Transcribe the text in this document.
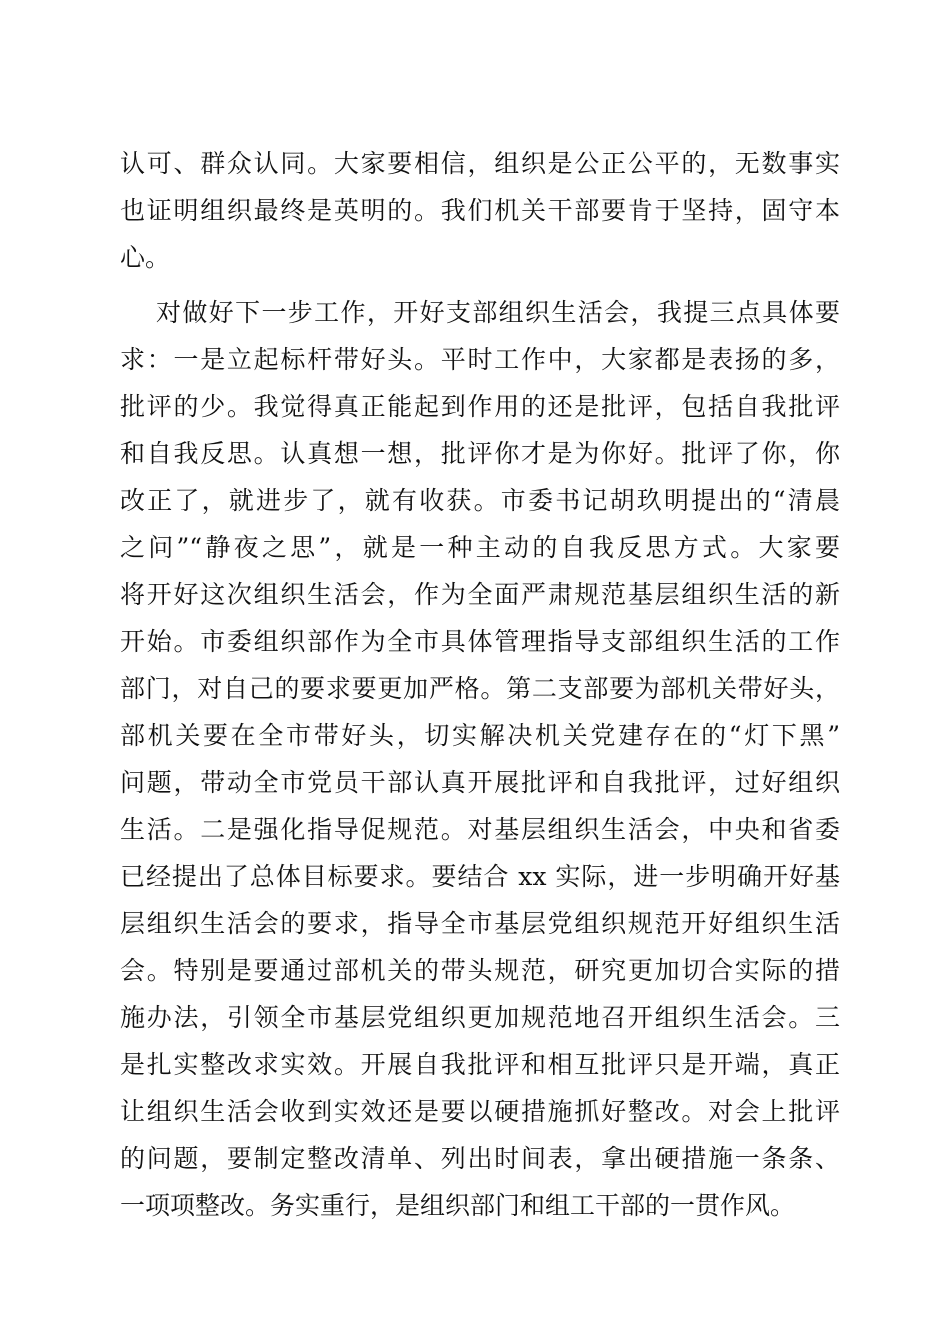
认可、群众认同。大家要相信，组织是公正公平的，无数事实
也证明组织最终是英明的。我们机关干部要肯于坚持，固守本
心。
对做好下一步工作，开好支部组织生活会，我提三点具体要
求：一是立起标杆带好头。平时工作中，大家都是表扬的多，
批评的少。我觉得真正能起到作用的还是批评，包括自我批评
和自我反思。认真想一想，批评你才是为你好。批评了你，你
改正了，就进步了，就有收获。市委书记胡玖明提出的“清晨
之问”“静夜之思”，就是一种主动的自我反思方式。大家要
将开好这次组织生活会，作为全面严肃规范基层组织生活的新
开始。市委组织部作为全市具体管理指导支部组织生活的工作
部门，对自己的要求要更加严格。第二支部要为部机关带好头，
部机关要在全市带好头，切实解决机关党建存在的“灯下黑”
问题，带动全市党员干部认真开展批评和自我批评，过好组织
生活。二是强化指导促规范。对基层组织生活会，中央和省委
已经提出了总体目标要求。要结合 xx 实际，进一步明确开好基
层组织生活会的要求，指导全市基层党组织规范开好组织生活
会。特别是要通过部机关的带头规范，研究更加切合实际的措
施办法，引领全市基层党组织更加规范地召开组织生活会。三
是扎实整改求实效。开展自我批评和相互批评只是开端，真正
让组织生活会收到实效还是要以硬措施抓好整改。对会上批评
的问题，要制定整改清单、列出时间表，拿出硬措施一条条、
一项项整改。务实重行，是组织部门和组工干部的一贯作风。
